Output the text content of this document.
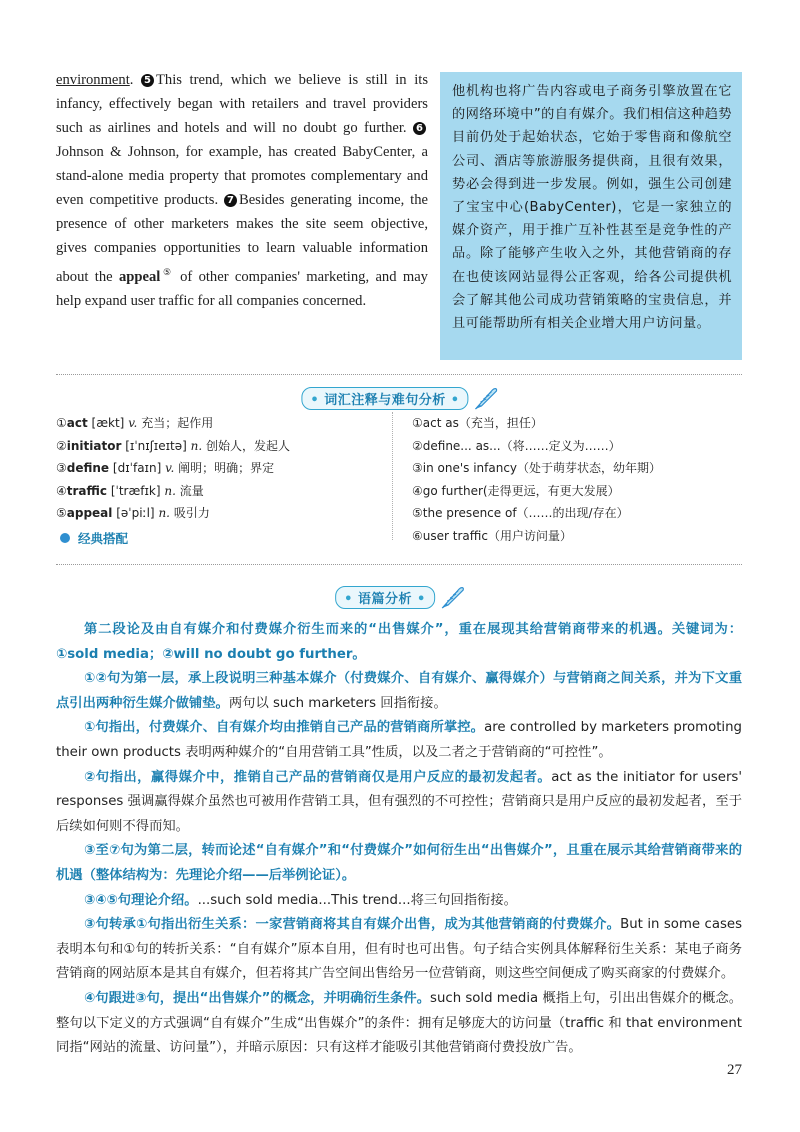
environment. 5 This trend, which we believe is still in its infancy, effectively began with retailers and travel providers such as airlines and hotels and will no doubt go further. 6Johnson & Johnson, for example, has created BabyCenter, a stand-alone media property that promotes complementary and even competitive products. 7 Besides generating income, the presence of other marketers makes the site seem objective, gives companies opportunities to learn valuable information about the appeal⑤ of other companies' marketing, and may help expand user traffic for all companies concerned.
他机构也将广告内容或电子商务引擎放置在它的网络环境中”的自有媒介。我们相信这种趋势目前仍处于起始状态，它始于零售商和像航空公司、酒店等旅游服务提供商，且很有效果，势必会得到进一步发展。例如，强生公司创建了宝宝中心(BabyCenter)，它是一家独立的媒介资产，用于推广互补性甚至是竞争性的产品。除了能够产生收入之外，其他营销商的存在也使该网站显得公正客观，给各公司提供机会了解其他公司成功营销策略的宝贵信息，并且可能帮助所有相关企业增大用户访问量。
• 词汇注释与难句分析 •
①act [ækt] v. 充当；起作用
②initiator [ɪˈnɪʃɪeɪtə] n. 创始人，发起人
③define [dɪˈfaɪn] v. 阐明；明确；界定
④traffic [ˈtræfɪk] n. 流量
⑤appeal [əˈpiːl] n. 吸引力
①act as（充当，担任）
②define... as...（将……定义为……）
③in one's infancy（处于萌芽状态，幼年期）
④go further(走得更远，有更大发展）
⑤the presence of（……的出现/存在）
⑥user traffic（用户访问量）
经典搭配
• 语篇分析 •

第二段论及由自有媒介和付费媒介衍生而来的“出售媒介”，重在展现其给营销商带来的机遇。关键词为：①sold media；②will no doubt go further。

①②句为第一层，承上段说明三种基本媒介（付费媒介、自有媒介、赢得媒介）与营销商之间关系，并为下文重点引出两种衍生媒介做铺垫。两句以 such marketers 回指衔接。

①句指出，付费媒介、自有媒介均由推销自己产品的营销商所掌控。are controlled by marketers promoting their own products 表明两种媒介的“自用营销工具”性质，以及二者之于营销商的“可控性”。

②句指出，赢得媒介中，推销自己产品的营销商仅是用户反应的最初发起者。act as the initiator for users' responses 强调赢得媒介虽然也可被用作营销工具，但有强烈的不可控性；营销商只是用户反应的最初发起者，至于后续如何则不得而知。

③至⑦句为第二层，转而论述“自有媒介”和“付费媒介”如何衍生出“出售媒介”，且重在展示其给营销商带来的机遇（整体结构为：先理论介绍——后举例论证）。

③④⑤句理论介绍。...such sold media...This trend...将三句回指衔接。

③句转承①句指出衍生关系：一家营销商将其自有媒介出售，成为其他营销商的付费媒介。But in some cases 表明本句和①句的转折关系：“自有媒介”原本自用，但有时也可出售。句子结合实例具体解释衍生关系：某电子商务营销商的网站原本是其自有媒介，但若将其广告空间出售给另一位营销商，则这些空间便成了购买商家的付费媒介。

④句跟进③句，提出“出售媒介”的概念，并明确衍生条件。such sold media 概指上句，引出出售媒介的概念。整句以下定义的方式强调“自有媒介”生成“出售媒介”的条件：拥有足够庞大的访问量（traffic 和 that environment 同指“网站的流量、访问量”），并暗示原因：只有这样才能吸引其他营销商付费投放广告。

27
